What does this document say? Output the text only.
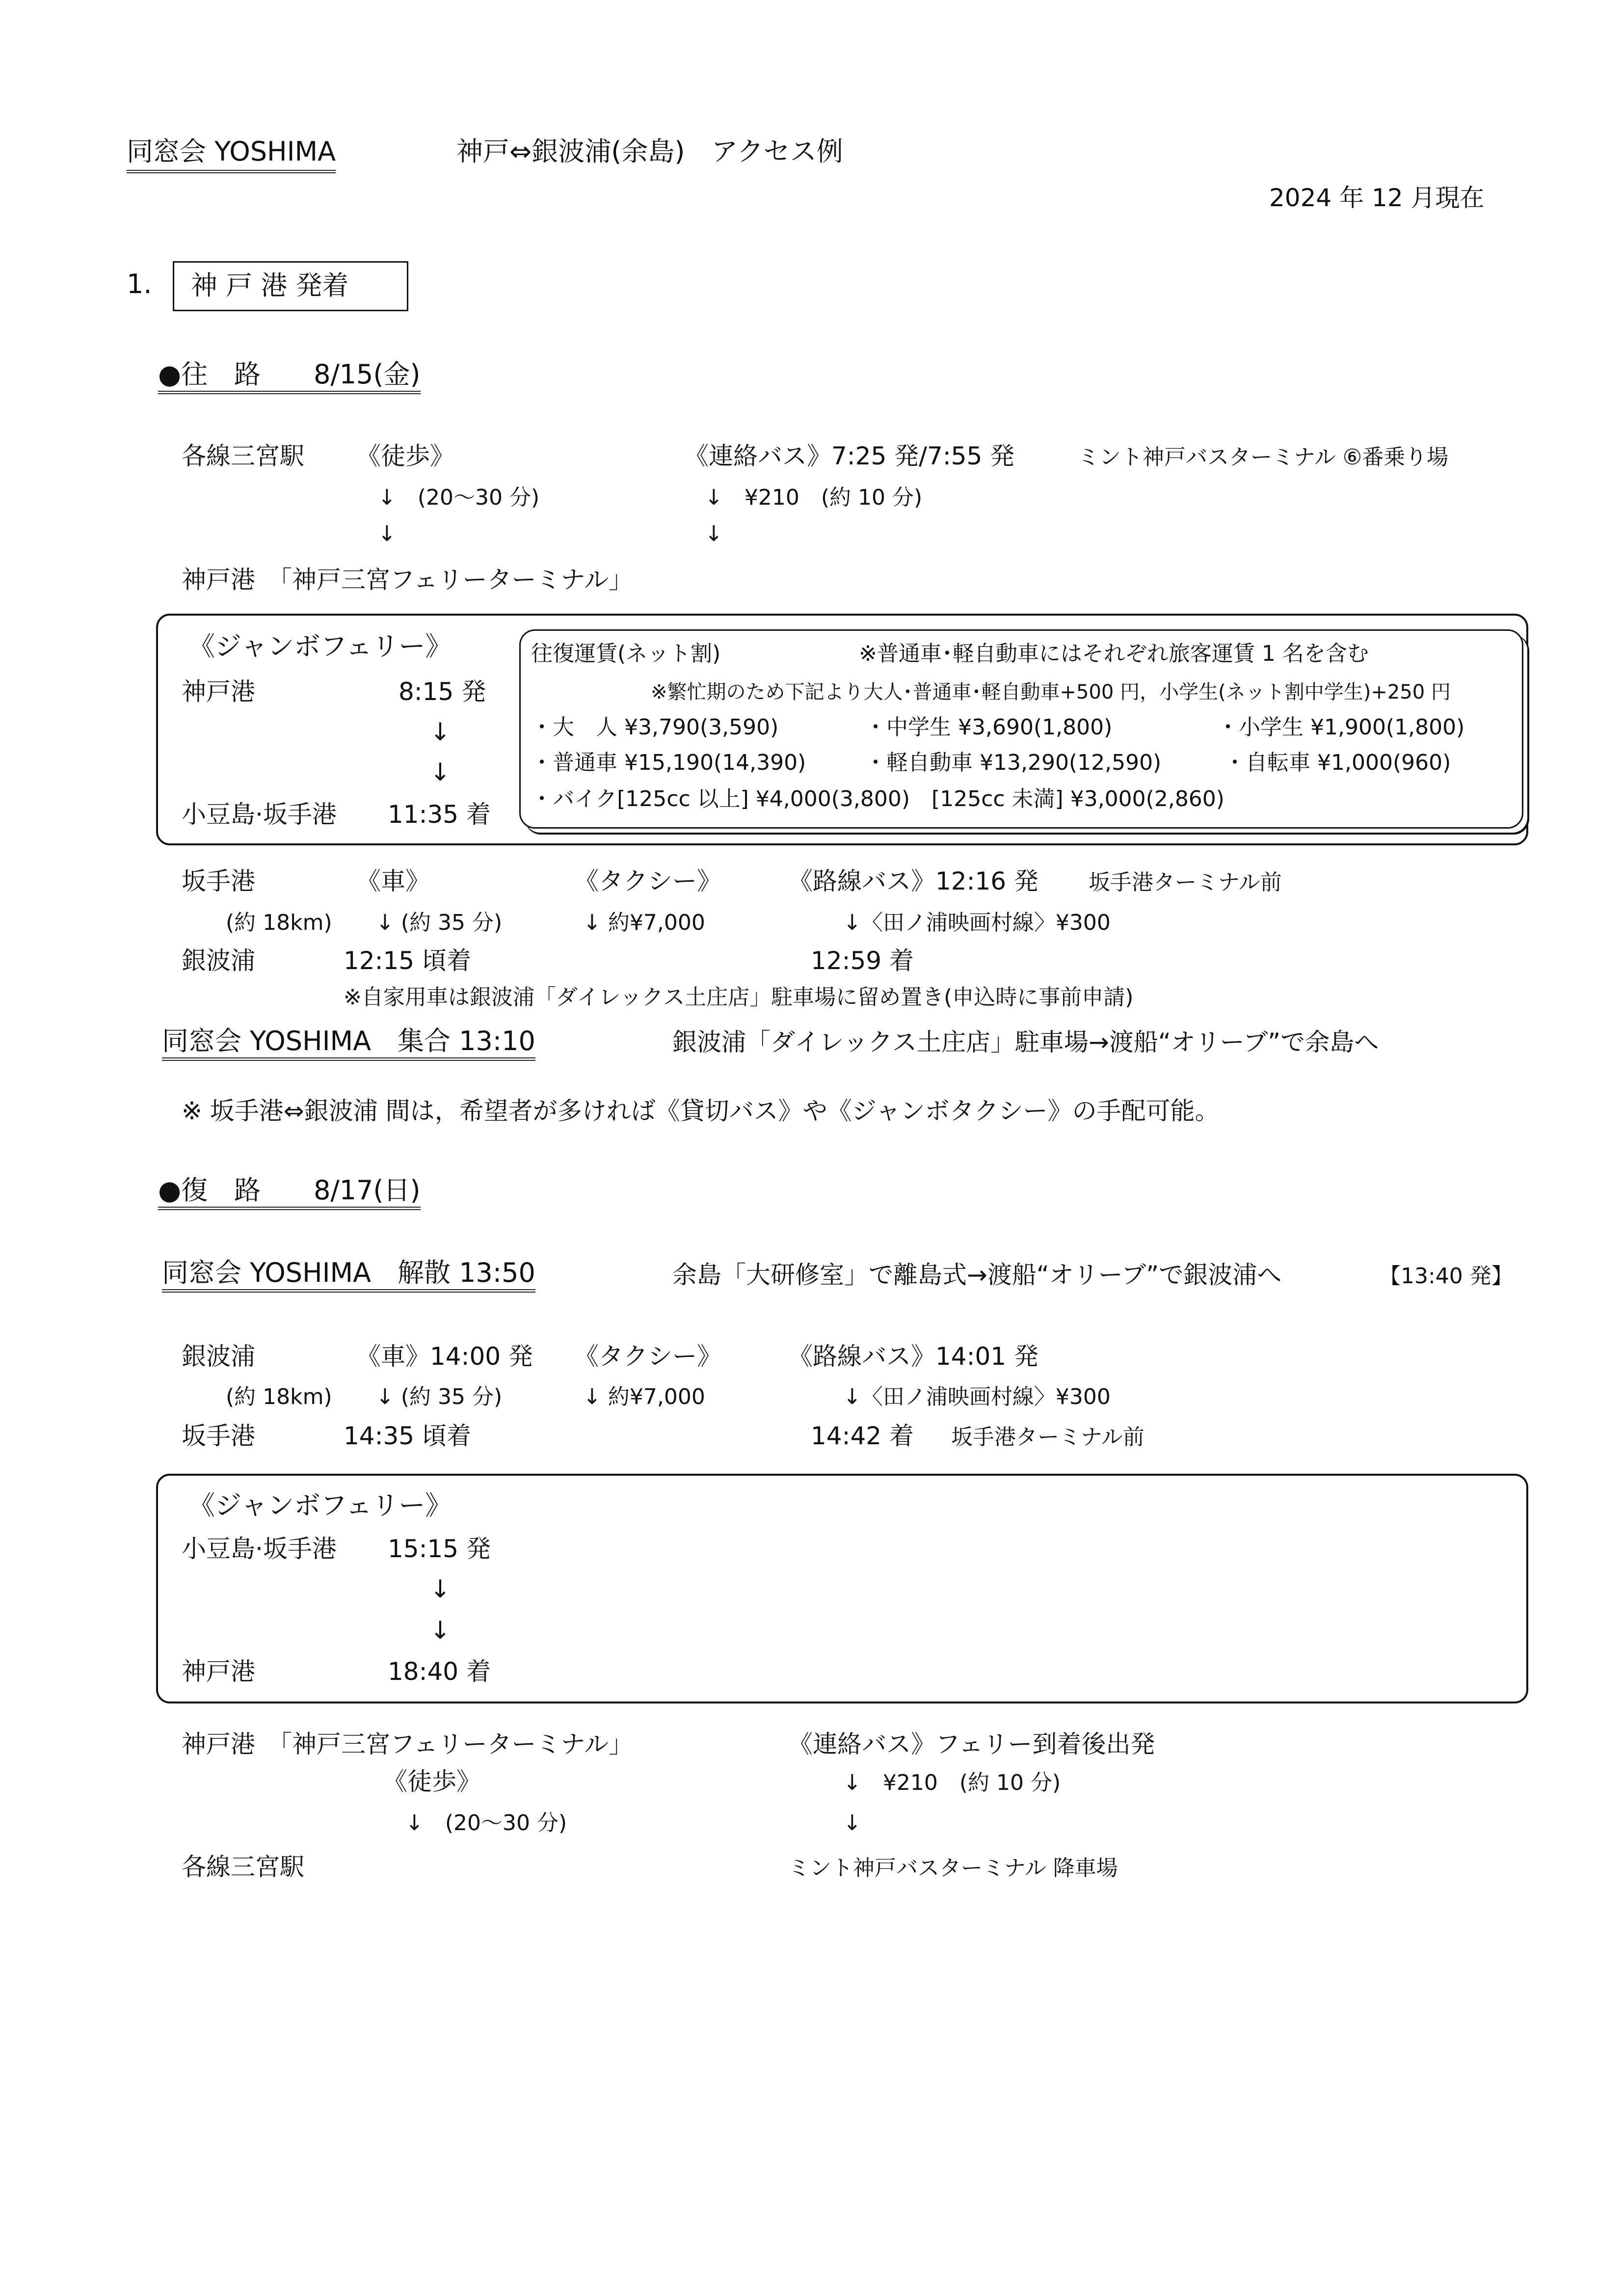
同窓会 YOSHIMA	神戸⇔銀波浦(余島)　アクセス例
2024 年 12 月現在
1. 神 戸 港 発着
●往　路　　8/15(金)
各線三宮駅 《徒歩》	《連絡バス》7:25 発/7:55 発	ミント神戸バスターミナル ⑥番乗り場
↓　(20～30 分)	↓　¥210　(約 10 分)
↓	↓
神戸港　「神戸三宮フェリーターミナル」
《ジャンボフェリー》
神戸港	8:15 発
↓
↓
小豆島·坂手港 11:35 着
往復運賃(ネット割)	※普通車･軽自動車にはそれぞれ旅客運賃 1 名を含む
※繁忙期のため下記より大人･普通車･軽自動車+500 円，小学生(ネット割中学生)+250 円
・大　人 ¥3,790(3,590)	・中学生 ¥3,690(1,800)	・小学生 ¥1,900(1,800)
・普通車 ¥15,190(14,390)	・軽自動車 ¥13,290(12,590)	・自転車 ¥1,000(960)
・バイク[125cc 以上] ¥4,000(3,800)　[125cc 未満] ¥3,000(2,860)
坂手港	《車》	《タクシー》	《路線バス》12:16 発 坂手港ターミナル前
(約 18km) ↓ (約 35 分)	↓ 約¥7,000	↓〈田ノ浦映画村線〉¥300
銀波浦	12:15 頃着	12:59 着
※自家用車は銀波浦「ダイレックス土庄店」駐車場に留め置き(申込時に事前申請)
同窓会 YOSHIMA　集合 13:10	銀波浦「ダイレックス土庄店」駐車場→渡船“オリーブ”で余島へ
※ 坂手港⇔銀波浦 間は，希望者が多ければ《貸切バス》や《ジャンボタクシー》の手配可能。
●復　路　　8/17(日)
同窓会 YOSHIMA　解散 13:50	余島「大研修室」で離島式→渡船“オリーブ”で銀波浦へ	【13:40 発】
銀波浦	《車》14:00 発 《タクシー》	《路線バス》14:01 発
(約 18km) ↓ (約 35 分)	↓ 約¥7,000	↓〈田ノ浦映画村線〉¥300
坂手港	14:35 頃着	14:42 着 坂手港ターミナル前
《ジャンボフェリー》
小豆島·坂手港 15:15 発
↓
↓
神戸港	18:40 着
神戸港　「神戸三宮フェリーターミナル」	《連絡バス》フェリー到着後出発
《徒歩》	↓　¥210　(約 10 分)
↓　(20～30 分)	↓
各線三宮駅	ミント神戸バスターミナル 降車場
